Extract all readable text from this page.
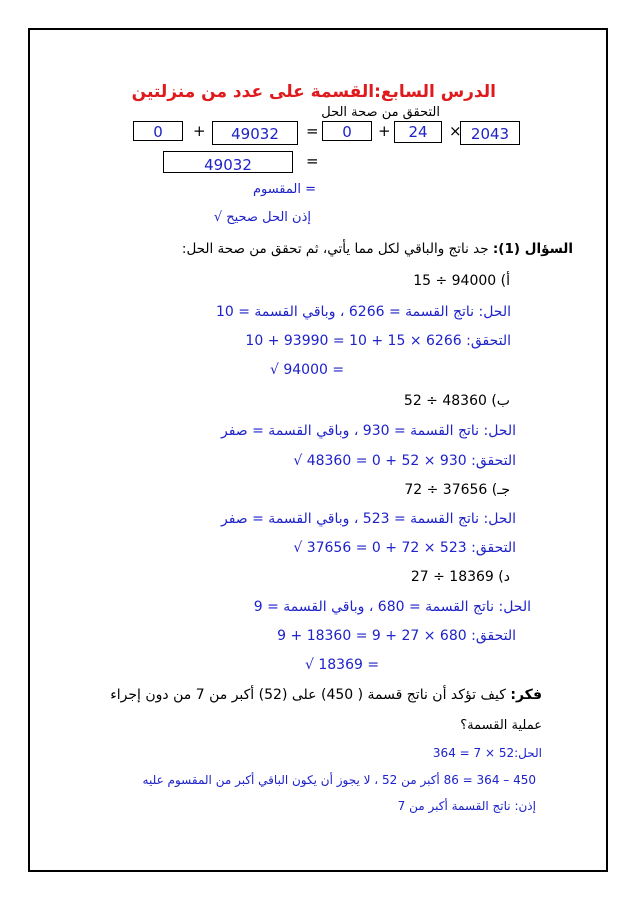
الدرس السابع:القسمة على عدد من منزلتين
التحقق من صحة الحل
0	+	49032	=	0	+	24	× 2043
49032	=
= المقسوم
إذن الحل صحيح √
السؤال (1): جد ناتج والباقي لكل مما يأتي، ثم تحقق من صحة الحل:
أ) 15 ÷ 94000
الحل: ناتج القسمة = 6266 ، وباقي القسمة = 10
التحقق: 6266 × 15 + 10 = 93990 + 10
√ 94000 =
ب) 52 ÷ 48360
الحل: ناتج القسمة = 930 ، وباقي القسمة = صفر
التحقق: 930 × 52 + 0 = 48360 √
جـ) 72 ÷ 37656
الحل: ناتج القسمة = 523 ، وباقي القسمة = صفر
التحقق: 523 × 72 + 0 = 37656 √
د) 27 ÷ 18369
الحل: ناتج القسمة = 680 ، وباقي القسمة = 9
التحقق: 680 × 27 + 9 = 18360 + 9
√ 18369 =
فكر: كيف تؤكد أن ناتج قسمة ( 450) على (52) أكبر من 7 من دون إجراء
عملية القسمة؟
الحل:52 × 7 = 364
450 – 364 = 86 أكبر من 52 ، لا يجوز أن يكون الباقي أكبر من المقسوم عليه
إذن: ناتج القسمة أكبر من 7
